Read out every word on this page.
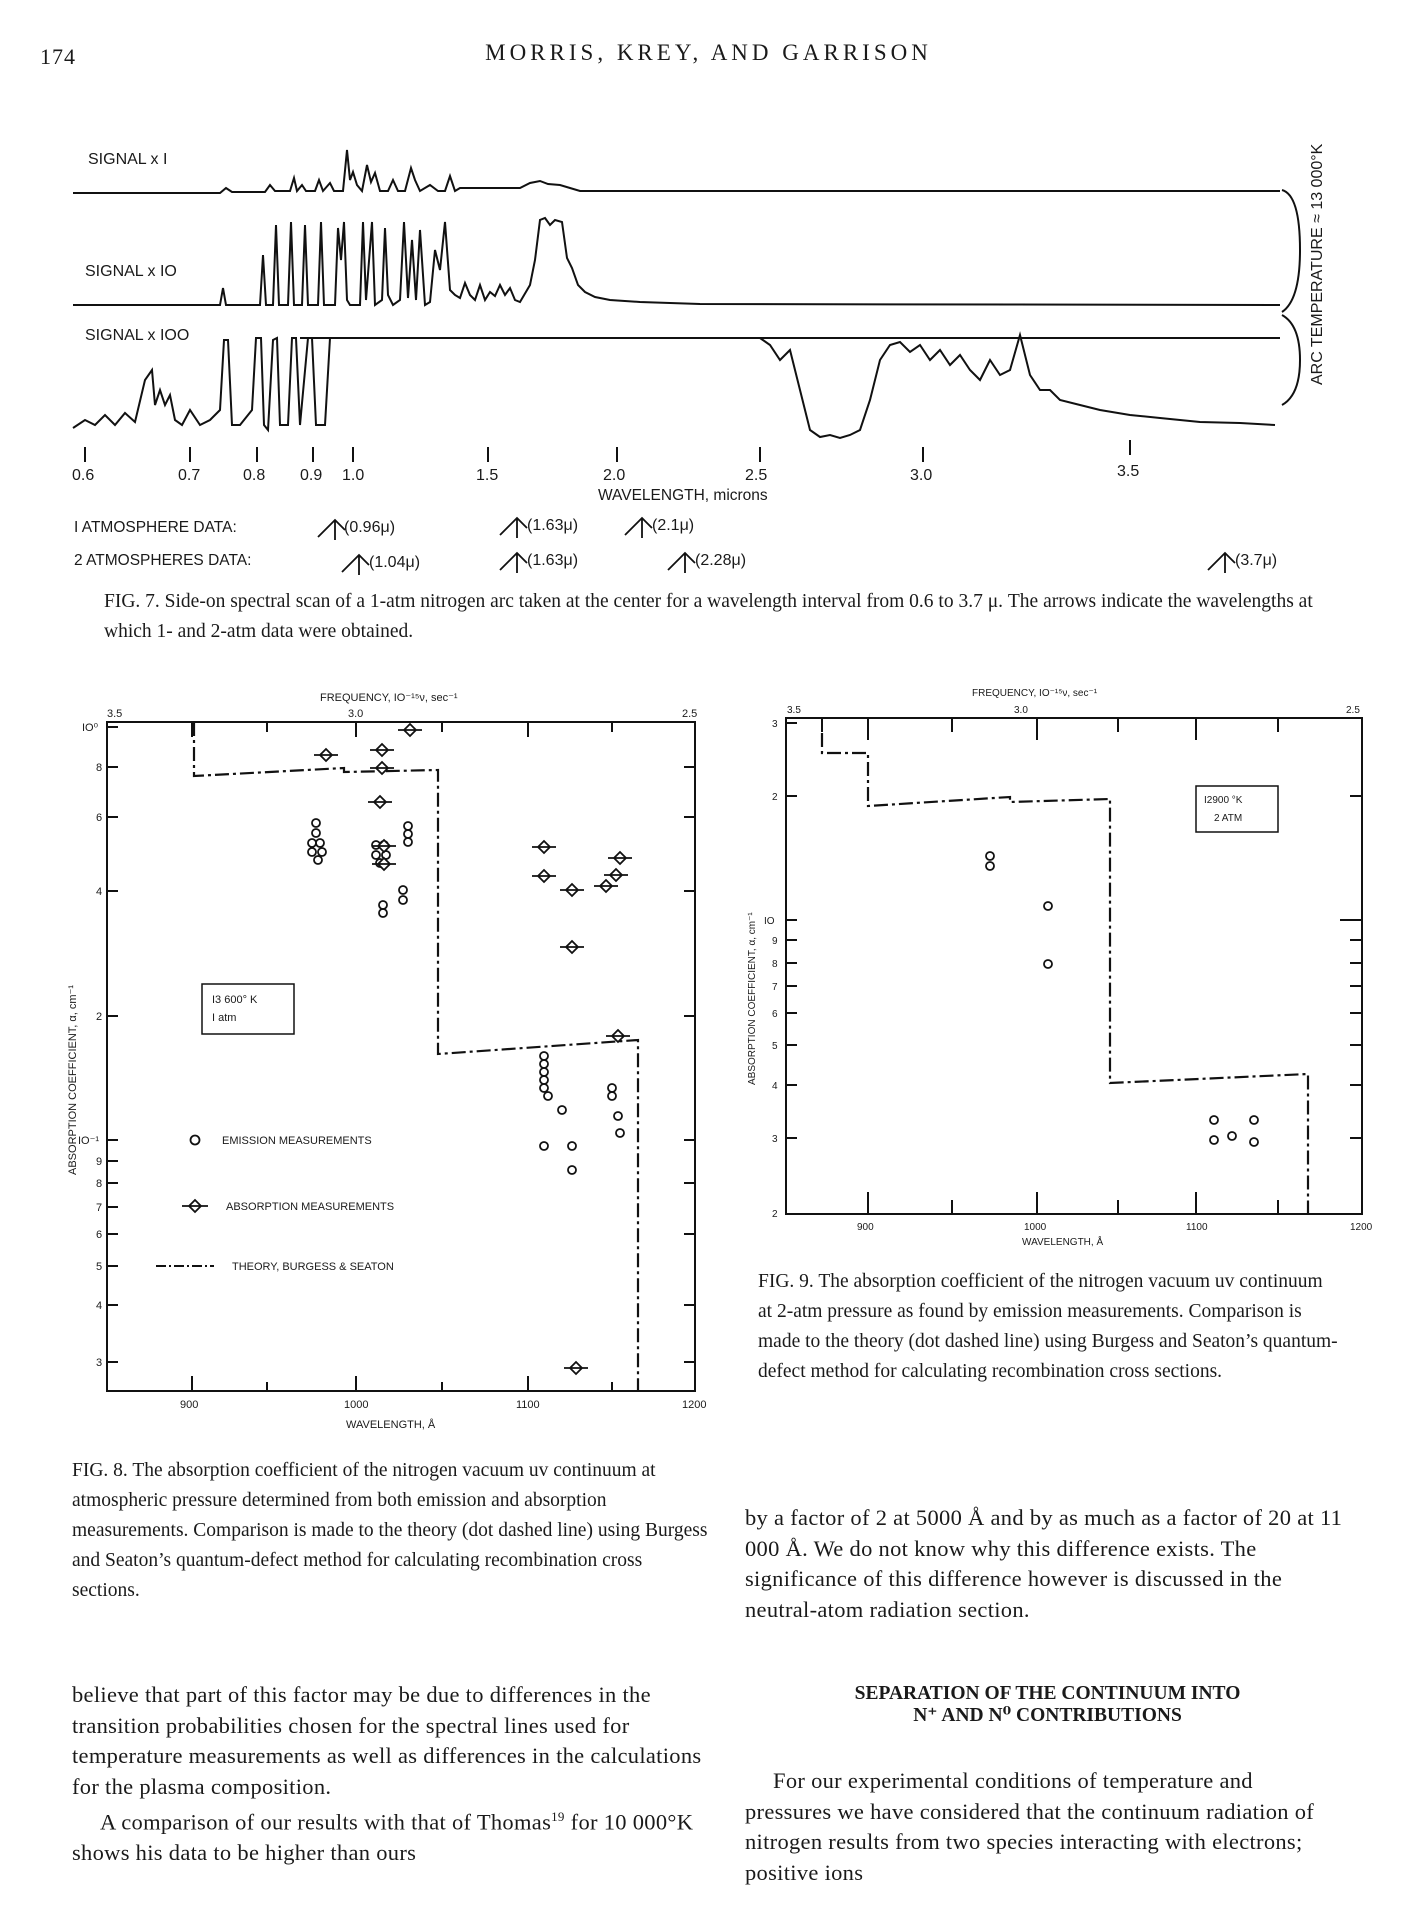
174	MORRIS, KREY, AND GARRISON
SIGNAL x I
SIGNAL x IO
SIGNAL x IOO	ARC TEMPERATURE ≈ 13 000°K
0.6	0.7	0.8 0.9 1.0	1.5	2.0	2.5	3.0	3.5
WAVELENGTH, microns
I ATMOSPHERE DATA:
2 ATMOSPHERES DATA:
(0.96μ)	(1.63μ)	(2.1μ)
(1.04μ)	(1.63μ)	(2.28μ)	(3.7μ)
FIG. 7. Side-on spectral scan of a 1-atm nitrogen arc taken at the center for a wavelength interval from 0.6 to 3.7 μ. The arrows indicate the wavelengths at which 1- and 2-atm data were obtained.
FREQUENCY, IO⁻¹⁵ν, sec⁻¹
3.5	3.0	2.5
IO⁰
8
6
4
2
IO⁻¹
9
8
7
6
5
4
3
ABSORPTION COEFFICIENT, α, cm⁻¹
900	1000	1100	1200
WAVELENGTH, Å
I3 600° K
I atm
EMISSION MEASUREMENTS
ABSORPTION MEASUREMENTS
THEORY, BURGESS & SEATON
FIG. 8. The absorption coefficient of the nitrogen vacuum uv continuum at atmospheric pressure determined from both emission and absorption measurements. Comparison is made to the theory (dot dashed line) using Burgess and Seaton’s quantum-defect method for calculating recombination cross sections.
FREQUENCY, IO⁻¹⁵ν, sec⁻¹
3.5	3.0	2.5
3
2
IO
9
8
7
6
5
4
3
2
ABSORPTION COEFFICIENT, α, cm⁻¹
900	1000	1100	1200
WAVELENGTH, Å
I2900 °K
2 ATM
FIG. 9. The absorption coefficient of the nitrogen vacuum uv continuum at 2-atm pressure as found by emission measurements. Comparison is made to the theory (dot dashed line) using Burgess and Seaton’s quantum-defect method for calculating recombination cross sections.
by a factor of 2 at 5000 Å and by as much as a factor of 20 at 11 000 Å. We do not know why this difference exists. The significance of this difference however is discussed in the neutral-atom radiation section.
SEPARATION OF THE CONTINUUM INTO
N⁺ AND N⁰ CONTRIBUTIONS
For our experimental conditions of temperature and pressures we have considered that the continuum radiation of nitrogen results from two species interacting with electrons; positive ions
believe that part of this factor may be due to differences in the transition probabilities chosen for the spectral lines used for temperature measurements as well as differences in the calculations for the plasma composition.
A comparison of our results with that of Thomas$^{19}$ for 10 000°K shows his data to be higher than ours
